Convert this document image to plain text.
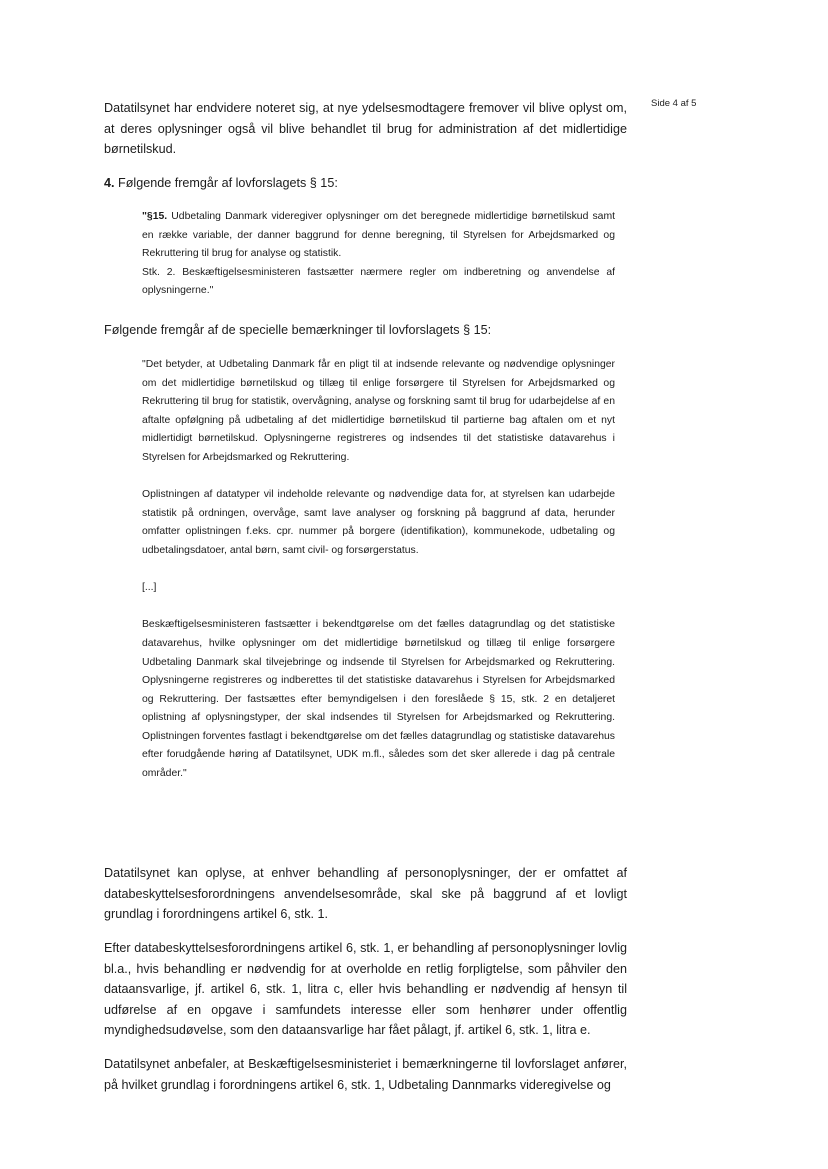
Side 4 af 5

Datatilsynet har endvidere noteret sig, at nye ydelsesmodtagere fremover vil blive oplyst om, at deres oplysninger også vil blive behandlet til brug for administration af det midlertidige børnetilskud.

4. Følgende fremgår af lovforslagets § 15:

"§15. Udbetaling Danmark videregiver oplysninger om det beregnede midlertidige børnetilskud samt en række variable, der danner baggrund for denne beregning, til Styrelsen for Arbejdsmarked og Rekruttering til brug for analyse og statistik.

Stk. 2. Beskæftigelsesministeren fastsætter nærmere regler om indberetning og anvendelse af oplysningerne."

Følgende fremgår af de specielle bemærkninger til lovforslagets § 15:

"Det betyder, at Udbetaling Danmark får en pligt til at indsende relevante og nødvendige oplysninger om det midlertidige børnetilskud og tillæg til enlige forsørgere til Styrelsen for Arbejdsmarked og Rekruttering til brug for statistik, overvågning, analyse og forskning samt til brug for udarbejdelse af en aftalte opfølgning på udbetaling af det midlertidige børnetilskud til partierne bag aftalen om et nyt midlertidigt børnetilskud. Oplysningerne registreres og indsendes til det statistiske datavarehus i Styrelsen for Arbejdsmarked og Rekruttering.

Oplistningen af datatyper vil indeholde relevante og nødvendige data for, at styrelsen kan udarbejde statistik på ordningen, overvåge, samt lave analyser og forskning på baggrund af data, herunder omfatter oplistningen f.eks. cpr. nummer på borgere (identifikation), kommunekode, udbetaling og udbetalingsdatoer, antal børn, samt civil- og forsørgerstatus.

[...]

Beskæftigelsesministeren fastsætter i bekendtgørelse om det fælles datagrundlag og det statistiske datavarehus, hvilke oplysninger om det midlertidige børnetilskud og tillæg til enlige forsørgere Udbetaling Danmark skal tilvejebringe og indsende til Styrelsen for Arbejdsmarked og Rekruttering. Oplysningerne registreres og indberettes til det statistiske datavarehus i Styrelsen for Arbejdsmarked og Rekruttering. Der fastsættes efter bemyndigelsen i den foreslåede § 15, stk. 2 en detaljeret oplistning af oplysningstyper, der skal indsendes til Styrelsen for Arbejdsmarked og Rekruttering. Oplistningen forventes fastlagt i bekendtgørelse om det fælles datagrundlag og statistiske datavarehus efter forudgående høring af Datatilsynet, UDK m.fl., således som det sker allerede i dag på centrale områder."

Datatilsynet kan oplyse, at enhver behandling af personoplysninger, der er omfattet af databeskyttelsesforordningens anvendelsesområde, skal ske på baggrund af et lovligt grundlag i forordningens artikel 6, stk. 1.

Efter databeskyttelsesforordningens artikel 6, stk. 1, er behandling af personoplysninger lovlig bl.a., hvis behandling er nødvendig for at overholde en retlig forpligtelse, som påhviler den dataansvarlige, jf. artikel 6, stk. 1, litra c, eller hvis behandling er nødvendig af hensyn til udførelse af en opgave i samfundets interesse eller som henhører under offentlig myndighedsudøvelse, som den dataansvarlige har fået pålagt, jf. artikel 6, stk. 1, litra e.

Datatilsynet anbefaler, at Beskæftigelsesministeriet i bemærkningerne til lovforslaget anfører, på hvilket grundlag i forordningens artikel 6, stk. 1, Udbetaling Dannmarks videregivelse og
